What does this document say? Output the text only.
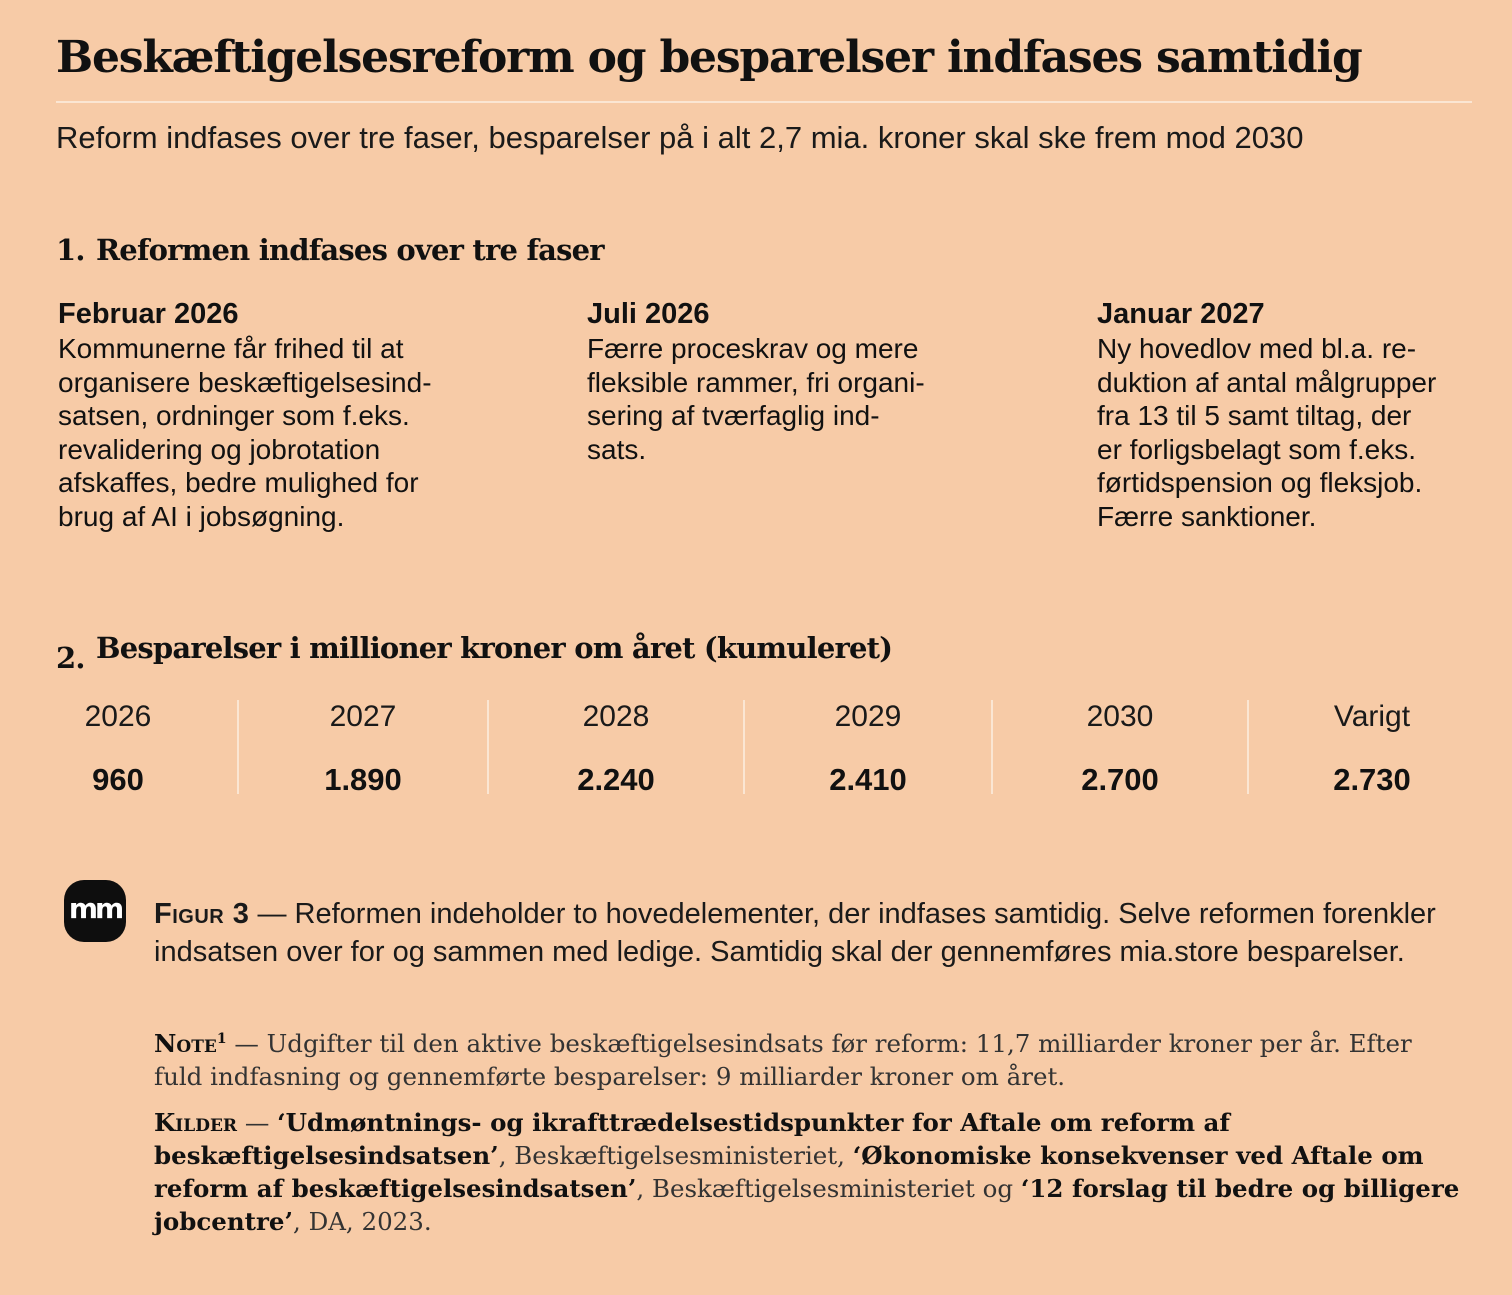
Beskæftigelsesreform og besparelser indfases samtidig
Reform indfases over tre faser, besparelser på i alt 2,7 mia. kroner skal ske frem mod 2030
1. Reformen indfases over tre faser
Februar 2026

Kommunerne får frihed til at
organisere beskæftigelsesind-
satsen, ordninger som f.eks.
revalidering og jobrotation
afskaffes, bedre mulighed for
brug af AI i jobsøgning.

Juli 2026

Færre proceskrav og mere
fleksible rammer, fri organi-
sering af tværfaglig ind-
sats.

Januar 2027

Ny hovedlov med bl.a. re-
duktion af antal målgrupper
fra 13 til 5 samt tiltag, der
er forligsbelagt som f.eks.
førtidspension og fleksjob.
Færre sanktioner.

2. Besparelser i millioner kroner om året (kumuleret)
2026
960
2027
1.890
2028
2.240
2029
2.410
2030
2.700
Varigt
2.730
mm Figur 3 — Reformen indeholder to hovedelementer, der indfases samtidig. Selve reformen forenkler indsatsen over for og sammen med ledige. Samtidig skal der gennemføres mia.store besparelser.

Note$^1$ — Udgifter til den aktive beskæftigelsesindsats før reform: 11,7 milliarder kroner per år. Efter fuld indfasning og gennemførte besparelser: 9 milliarder kroner om året.

Kilder — ‘Udmøntnings- og ikrafttrædelsestidspunkter for Aftale om reform af beskæftigelsesindsatsen’, Beskæftigelsesministeriet, ‘Økonomiske konsekvenser ved Aftale om reform af beskæftigelsesindsatsen’, Beskæftigelsesministeriet og ‘12 forslag til bedre og billigere jobcentre’, DA, 2023.
